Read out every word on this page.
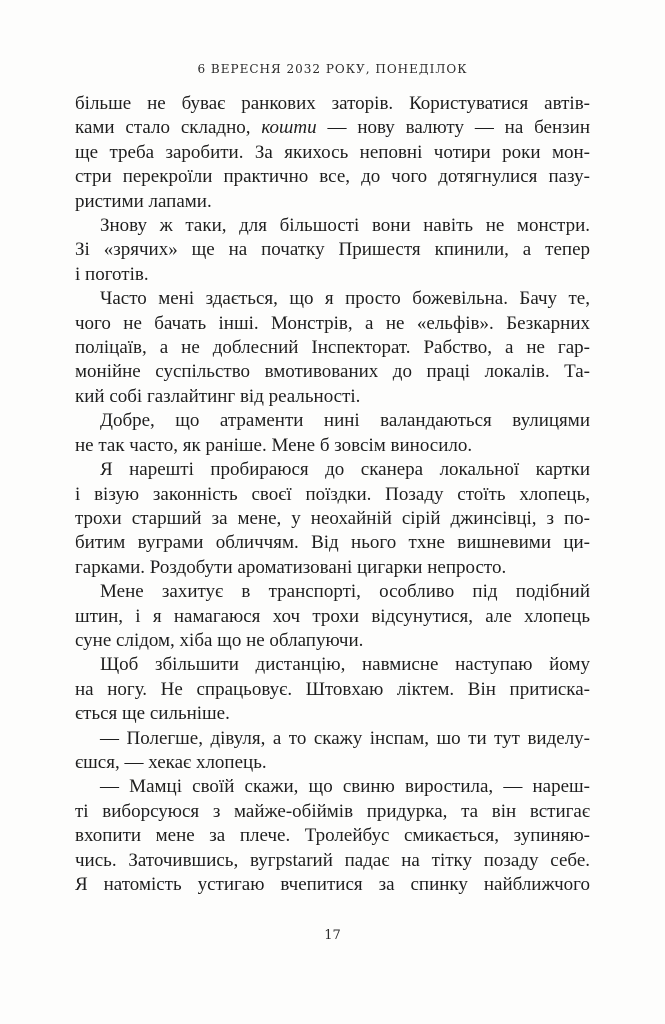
6 ВЕРЕСНЯ 2032 РОКУ, ПОНЕДІЛОК

більше не буває ранкових заторів. Користуватися автів-
ками стало складно, кошти — нову валюту — на бензин
ще треба заробити. За якихось неповні чотири роки мон-
стри перекроїли практично все, до чого дотягнулися пазу-
ристими лапами.

Знову ж таки, для більшості вони навіть не монстри.
Зі «зрячих» ще на початку Пришестя кпинили, а тепер
і поготів.

Часто мені здається, що я просто божевільна. Бачу те,
чого не бачать інші. Монстрів, а не «ельфів». Безкарних
поліцаїв, а не доблесний Інспекторат. Рабство, а не гар-
монійне суспільство вмотивованих до праці локалів. Та-
кий собі газлайтинг від реальності.

Добре, що атраменти нині валандаються вулицями
не так часто, як раніше. Мене б зовсім виносило.

Я нарешті пробираюся до сканера локальної картки
і візую законність своєї поїздки. Позаду стоїть хлопець,
трохи старший за мене, у неохайній сірій джинсівці, з по-
битим вуграми обличчям. Від нього тхне вишневими ци-
гарками. Роздобути ароматизовані цигарки непросто.

Мене захитує в транспорті, особливо під подібний
штин, і я намагаюся хоч трохи відсунутися, але хлопець
суне слідом, хіба що не облапуючи.

Щоб збільшити дистанцію, навмисне наступаю йому
на ногу. Не спрацьовує. Штовхаю ліктем. Він притиска-
ється ще сильніше.

— Полегше, дівуля, а то скажу інспам, шо ти тут виделу-
єшся, — хекає хлопець.

— Мамці своїй скажи, що свиню виростила, — нареш-
ті виборсуюся з майже-обіймів придурка, та він встигає
вхопити мене за плече. Тролейбус смикається, зупиняю-
чись. Заточившись, вугрstarий падає на тітку позаду себе.
Я натомість устигаю вчепитися за спинку найближчого

17
